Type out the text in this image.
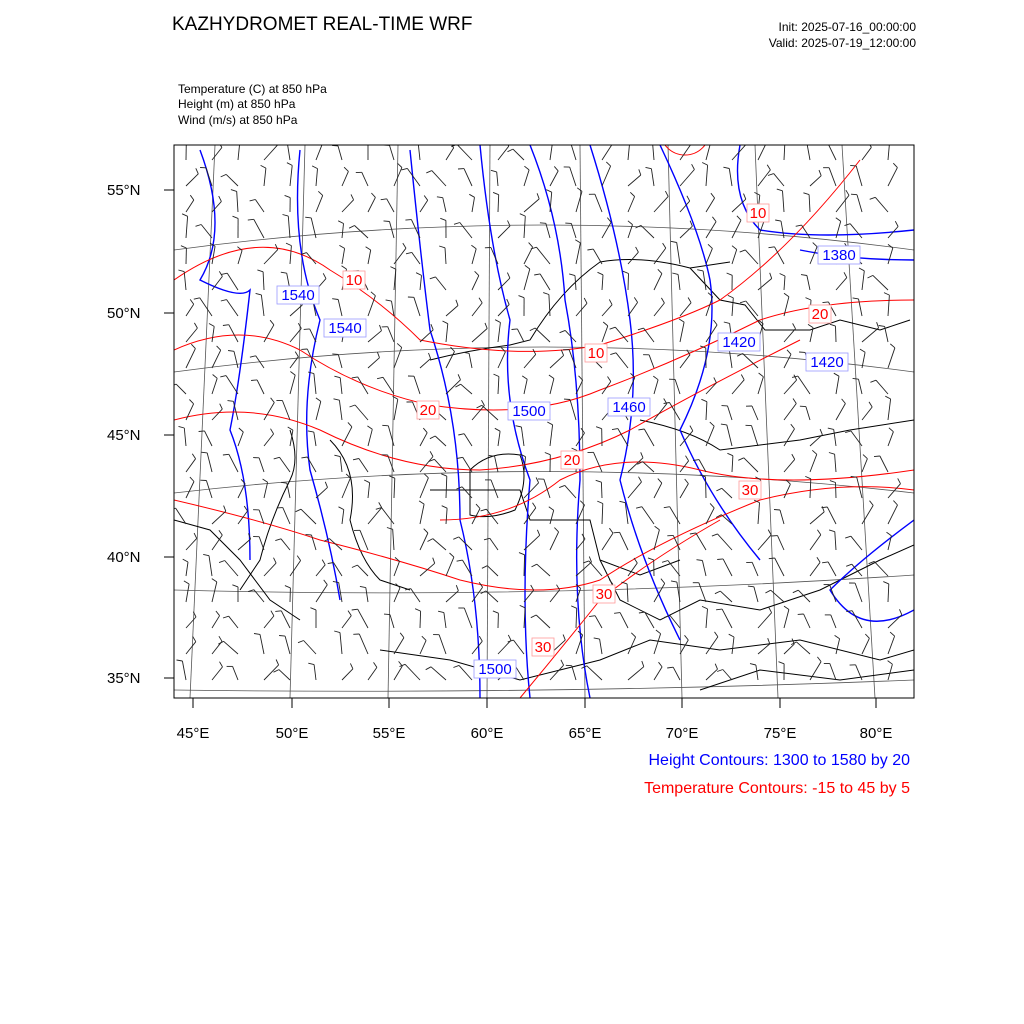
KAZHYDROMET REAL-TIME WRF	Init: 2025-07-16_00:00:00
Valid: 2025-07-19_12:00:00
Temperature (C) at 850 hPa
Height (m) at 850 hPa
Wind (m/s) at 850 hPa
55°N
50°N
45°N
40°N
35°N
45°E	50°E	55°E	60°E	65°E	70°E	75°E	80°E
1540
1540
1500	1460
1420
1420
1380
1500
10
10
10
20
20
20
30
30
30
Height Contours: 1300 to 1580 by 20
Temperature Contours: -15 to 45 by 5
